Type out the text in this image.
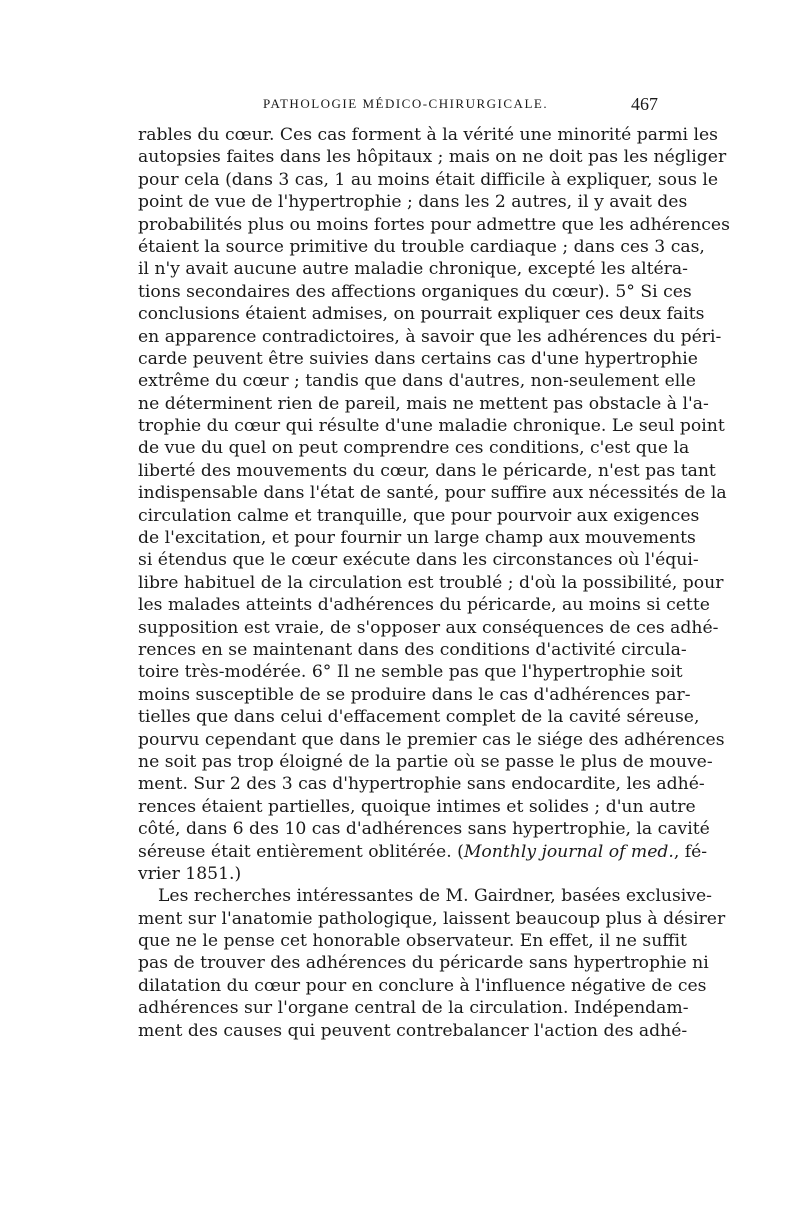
PATHOLOGIE MÉDICO-CHIRURGICALE.	467
rables du cœur. Ces cas forment à la vérité une minorité parmi les
autopsies faites dans les hôpitaux ; mais on ne doit pas les négliger
pour cela (dans 3 cas, 1 au moins était difficile à expliquer, sous le
point de vue de l'hypertrophie ; dans les 2 autres, il y avait des
probabilités plus ou moins fortes pour admettre que les adhérences
étaient la source primitive du trouble cardiaque ; dans ces 3 cas,
il n'y avait aucune autre maladie chronique, excepté les altéra-
tions secondaires des affections organiques du cœur). 5° Si ces
conclusions étaient admises, on pourrait expliquer ces deux faits
en apparence contradictoires, à savoir que les adhérences du péri-
carde peuvent être suivies dans certains cas d'une hypertrophie
extrême du cœur ; tandis que dans d'autres, non-seulement elle
ne déterminent rien de pareil, mais ne mettent pas obstacle à l'a-
trophie du cœur qui résulte d'une maladie chronique. Le seul point
de vue du quel on peut comprendre ces conditions, c'est que la
liberté des mouvements du cœur, dans le péricarde, n'est pas tant
indispensable dans l'état de santé, pour suffire aux nécessités de la
circulation calme et tranquille, que pour pourvoir aux exigences
de l'excitation, et pour fournir un large champ aux mouvements
si étendus que le cœur exécute dans les circonstances où l'équi-
libre habituel de la circulation est troublé ; d'où la possibilité, pour
les malades atteints d'adhérences du péricarde, au moins si cette
supposition est vraie, de s'opposer aux conséquences de ces adhé-
rences en se maintenant dans des conditions d'activité circula-
toire très-modérée. 6° Il ne semble pas que l'hypertrophie soit
moins susceptible de se produire dans le cas d'adhérences par-
tielles que dans celui d'effacement complet de la cavité séreuse,
pourvu cependant que dans le premier cas le siége des adhérences
ne soit pas trop éloigné de la partie où se passe le plus de mouve-
ment. Sur 2 des 3 cas d'hypertrophie sans endocardite, les adhé-
rences étaient partielles, quoique intimes et solides ; d'un autre
côté, dans 6 des 10 cas d'adhérences sans hypertrophie, la cavité
séreuse était entièrement oblitérée. (Monthly journal of med., fé-
vrier 1851.)
Les recherches intéressantes de M. Gairdner, basées exclusive-
ment sur l'anatomie pathologique, laissent beaucoup plus à désirer
que ne le pense cet honorable observateur. En effet, il ne suffit
pas de trouver des adhérences du péricarde sans hypertrophie ni
dilatation du cœur pour en conclure à l'influence négative de ces
adhérences sur l'organe central de la circulation. Indépendam-
ment des causes qui peuvent contrebalancer l'action des adhé-
